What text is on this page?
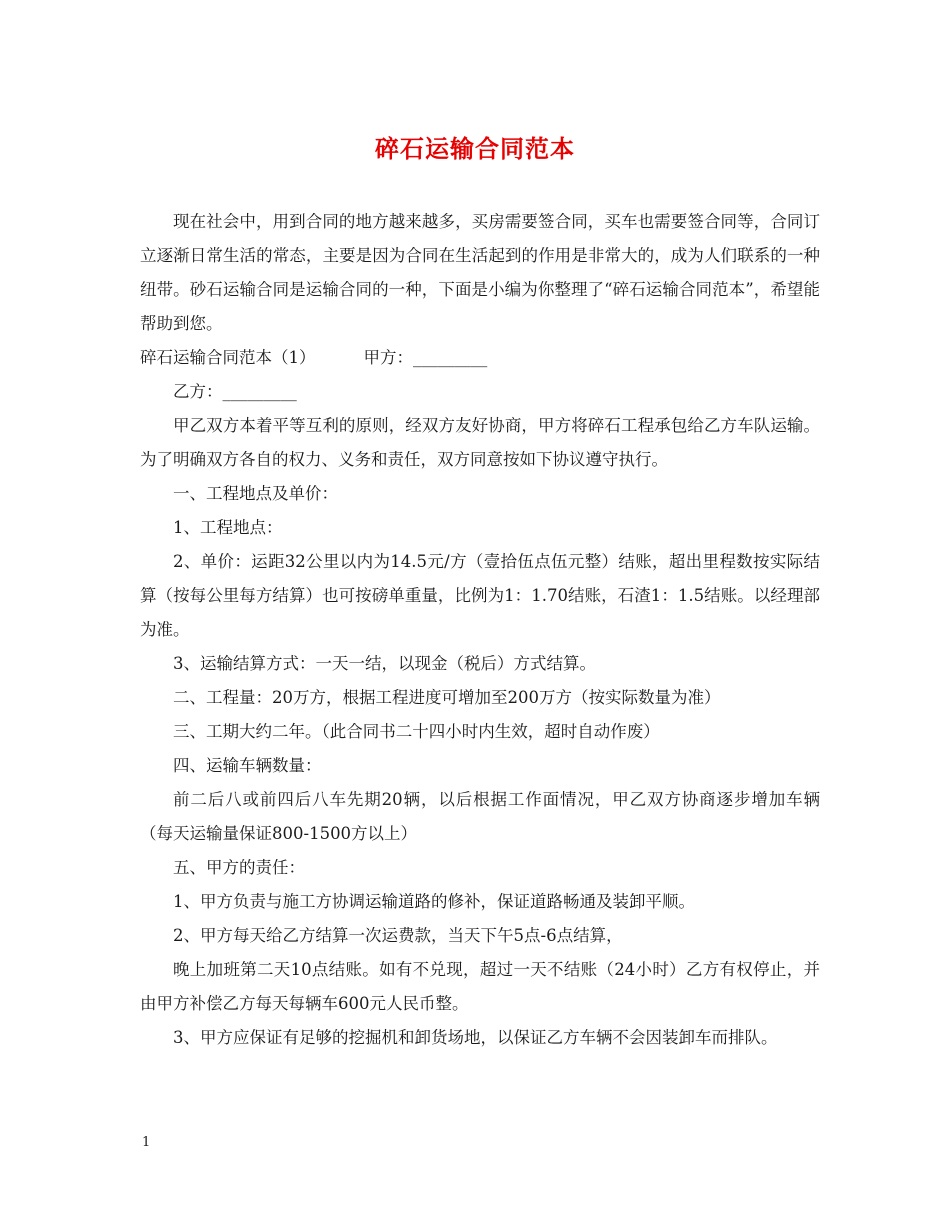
碎石运输合同范本

现在社会中，用到合同的地方越来越多，买房需要签合同，买车也需要签合同等，合同订立逐渐日常生活的常态，主要是因为合同在生活起到的作用是非常大的，成为人们联系的一种纽带。砂石运输合同是运输合同的一种，下面是小编为你整理了“碎石运输合同范本”，希望能帮助到您。

碎石运输合同范本（1）	甲方：_________

乙方：_________

甲乙双方本着平等互利的原则，经双方友好协商，甲方将碎石工程承包给乙方车队运输。为了明确双方各自的权力、义务和责任，双方同意按如下协议遵守执行。

一、工程地点及单价：

1、工程地点：

2、单价：运距32公里以内为14.5元/方（壹拾伍点伍元整）结账，超出里程数按实际结算（按每公里每方结算）也可按磅单重量，比例为1：1.70结账，石渣1：1.5结账。以经理部为准。

3、运输结算方式：一天一结，以现金（税后）方式结算。

二、工程量：20万方，根据工程进度可增加至200万方（按实际数量为准）

三、工期大约二年。（此合同书二十四小时内生效，超时自动作废）

四、运输车辆数量：

前二后八或前四后八车先期20辆，以后根据工作面情况，甲乙双方协商逐步增加车辆（每天运输量保证800-1500方以上）

五、甲方的责任：

1、甲方负责与施工方协调运输道路的修补，保证道路畅通及装卸平顺。

2、甲方每天给乙方结算一次运费款，当天下午5点-6点结算，

晚上加班第二天10点结账。如有不兑现，超过一天不结账（24小时）乙方有权停止，并由甲方补偿乙方每天每辆车600元人民币整。

3、甲方应保证有足够的挖掘机和卸货场地，以保证乙方车辆不会因装卸车而排队。

1
